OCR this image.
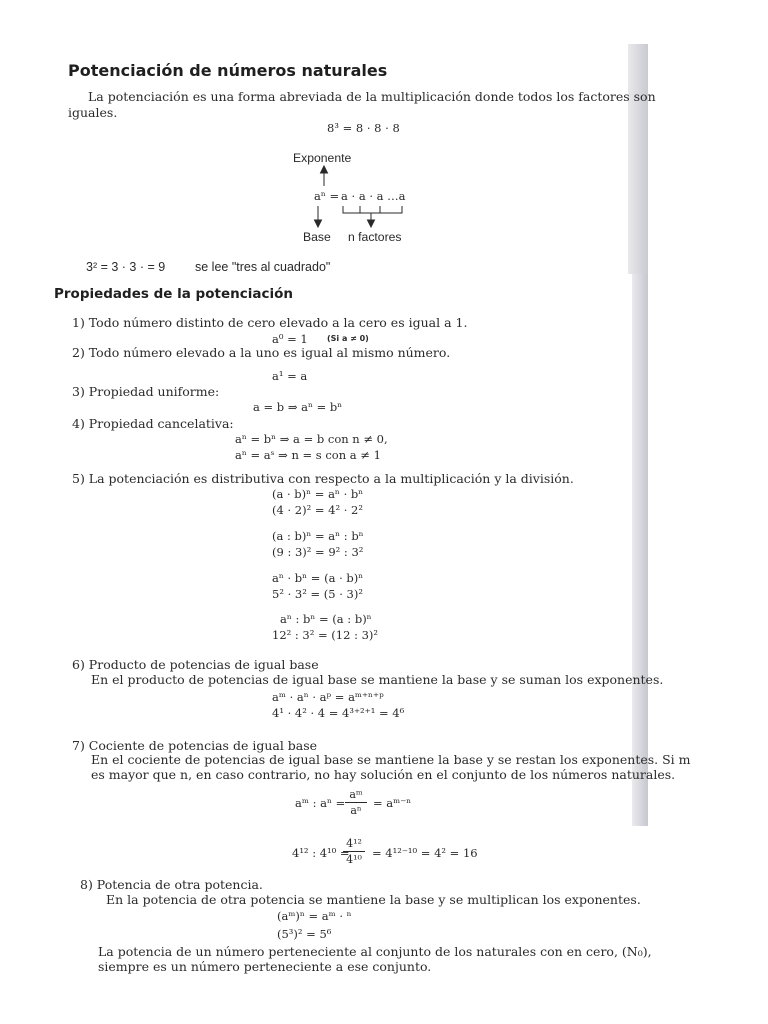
Potenciación de números naturales
La potenciación es una forma abreviada de la multiplicación donde todos los factores son
iguales.
8³ = 8 · 8 · 8
Exponente
aⁿ = a · a · a …a
Base n factores
3² = 3 · 3 · = 9 se lee "tres al cuadrado"
Propiedades de la potenciación
1) Todo número distinto de cero elevado a la cero es igual a 1.
a⁰ = 1 (Si a ≠ 0)
2) Todo número elevado a la uno es igual al mismo número.
a¹ = a
3) Propiedad uniforme:
a = b ⇒ aⁿ = bⁿ
4) Propiedad cancelativa:
aⁿ = bⁿ ⇒ a = b con n ≠ 0,
aⁿ = aˢ ⇒ n = s con a ≠ 1
5) La potenciación es distributiva con respecto a la multiplicación y la división.
(a · b)ⁿ = aⁿ · bⁿ
(4 · 2)² = 4² · 2²
(a : b)ⁿ = aⁿ : bⁿ
(9 : 3)² = 9² : 3²
aⁿ · bⁿ = (a · b)ⁿ
5² · 3² = (5 · 3)²
aⁿ : bⁿ = (a : b)ⁿ
12² : 3² = (12 : 3)²
6) Producto de potencias de igual base
En el producto de potencias de igual base se mantiene la base y se suman los exponentes.
aᵐ · aⁿ · aᵖ = aᵐ⁺ⁿ⁺ᵖ
4¹ · 4² · 4 = 4³⁺²⁺¹ = 4⁶
7) Cociente de potencias de igual base
En el cociente de potencias de igual base se mantiene la base y se restan los exponentes. Si m
es mayor que n, en caso contrario, no hay solución en el conjunto de los números naturales.
aᵐ : aⁿ =
aᵐ
aⁿ
= aᵐ⁻ⁿ
4¹² : 4¹⁰ =
4¹²
4¹⁰ = 4¹²⁻¹⁰ = 4² = 16
8) Potencia de otra potencia.
En la potencia de otra potencia se mantiene la base y se multiplican los exponentes.
(aᵐ)ⁿ = aᵐ · ⁿ
(5³)² = 5⁶
La potencia de un número perteneciente al conjunto de los naturales con en cero, (N₀),
siempre es un número perteneciente a ese conjunto.
